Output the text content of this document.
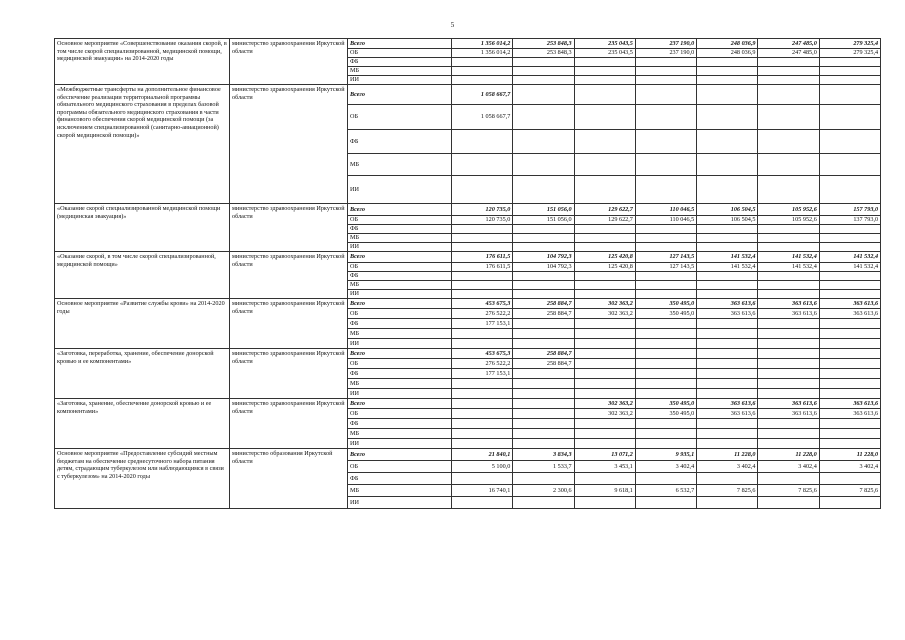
5
Основное мероприятие «Совершенствование оказания скорой, в том числе скорой специализированной, медицинской помощи, медицинской эвакуации» на 2014-2020 годы	министерство здравоохранения Иркутской области	Всего	1 356 014,2	253 848,3	235 043,5	237 190,0	248 036,9	247 485,0	279 325,4
		ОБ	1 356 014,2	253 848,3	235 043,5	237 190,0	248 036,9	247 485,0	279 325,4
		ФБ							
		МБ							
		ИИ							
«Межбюджетные трансферты на дополнительное финансовое обеспечение реализации территориальной программы обязательного медицинского страхования в пределах базовой программы обязательного медицинского страхования в части финансового обеспечения скорой медицинской помощи (за исключением специализированной (санитарно-авиационной) скорой медицинской помощи)»	министерство здравоохранения Иркутской области	Всего	1 058 667,7						
		ОБ	1 058 667,7						
		ФБ							
		МБ							
		ИИ							
«Оказание скорой специализированной медицинской помощи (медицинская эвакуация)»	министерство здравоохранения Иркутской области	Всего	120 735,0	151 056,0	129 622,7	110 046,5	106 504,5	105 952,6	157 793,0
		ОБ	120 735,0	151 056,0	129 622,7	110 046,5	106 504,5	105 952,6	137 793,0
		ФБ							
		МБ							
		ИИ							
«Оказание скорой, в том числе скорой специализированной, медицинской помощи»	министерство здравоохранения Иркутской области	Всего	176 611,5	104 792,3	125 420,8	127 143,5	141 532,4	141 532,4	141 532,4
		ОБ	176 611,5	104 792,3	125 420,8	127 143,5	141 532,4	141 532,4	141 532,4
		ФБ							
		МБ							
		ИИ							
Основное мероприятие «Развитие службы крови» на 2014-2020 годы	министерство здравоохранения Иркутской области	Всего	453 675,3	258 884,7	302 363,2	350 495,0	363 613,6	363 613,6	363 613,6
		ОБ	276 522,2	258 884,7	302 363,2	350 495,0	363 613,6	363 613,6	363 613,6
		ФБ	177 153,1						
		МБ							
		ИИ							
«Заготовка, переработка, хранение, обеспечение донорской кровью и ее компонентами»	министерство здравоохранения Иркутской области	Всего	453 675,3	258 884,7					
		ОБ	276 522,2	258 884,7					
		ФБ	177 153,1						
		МБ							
		ИИ							
«Заготовка, хранение, обеспечение донорской кровью и ее компонентами»	министерство здравоохранения Иркутской области	Всего			302 363,2	350 495,0	363 613,6	363 613,6	363 613,6
		ОБ			302 363,2	350 495,0	363 613,6	363 613,6	363 613,6
		ФБ							
		МБ							
		ИИ							
Основное мероприятие «Предоставление субсидий местным бюджетам на обеспечение среднесуточного набора питания детям, страдающим туберкулезом или наблюдающимся в связи с туберкулезом» на 2014-2020 годы	министерство образования Иркутской области	Всего	21 840,1	3 834,3	13 071,2	9 935,1	11 228,0	11 228,0	11 228,0
		ОБ	5 100,0	1 533,7	3 453,1	3 402,4	3 402,4	3 402,4	3 402,4
		ФБ							
		МБ	16 740,1	2 300,6	9 618,1	6 532,7	7 825,6	7 825,6	7 825,6
		ИИ							
